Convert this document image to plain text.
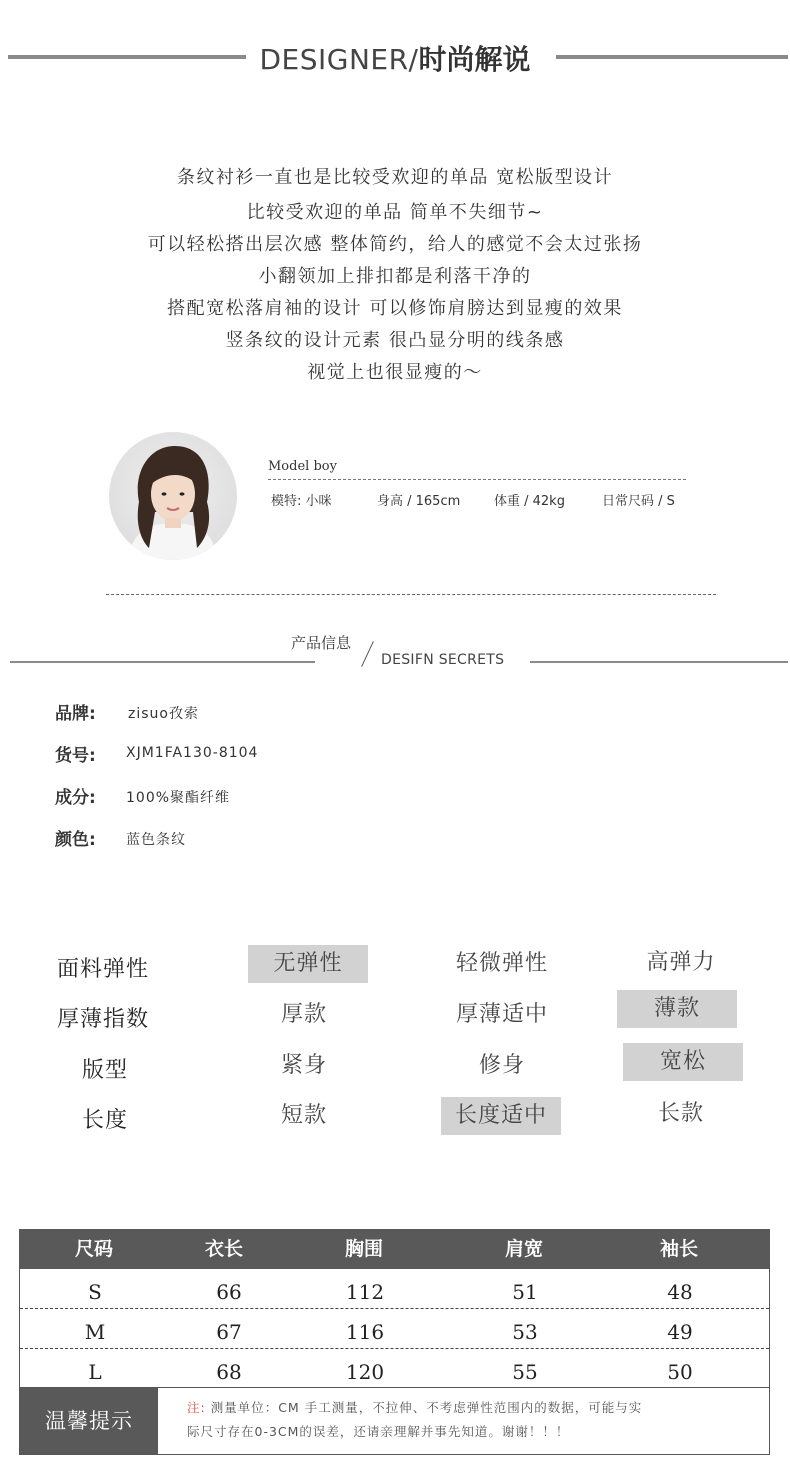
DESIGNER/时尚解说
条纹衬衫一直也是比较受欢迎的单品 宽松版型设计
比较受欢迎的单品 简单不失细节~
可以轻松搭出层次感 整体简约，给人的感觉不会太过张扬
小翻领加上排扣都是利落干净的
搭配宽松落肩袖的设计 可以修饰肩膀达到显瘦的效果
竖条纹的设计元素 很凸显分明的线条感
视觉上也很显瘦的～
Model boy
模特: 小咪	身高 / 165cm	体重 / 42kg	日常尺码 / S
产品信息
DESIFN SECRETS
品牌: zisuo孜索
货号: XJM1FA130-8104
成分: 100%聚酯纤维
颜色: 蓝色条纹
面料弹性	无弹性	轻微弹性	高弹力
厚薄指数	厚款	厚薄适中	薄款
版型	紧身	修身	宽松
长度	短款	长度适中	长款
尺码	衣长	胸围	肩宽	袖长
S	66	112	51	48
M	67	116	53	49
L	68	120	55	50
温馨提示
注: 测量单位：CM 手工测量，不拉伸、不考虑弹性范围内的数据，可能与实
际尺寸存在0-3CM的误差，还请亲理解并事先知道。谢谢！！！
